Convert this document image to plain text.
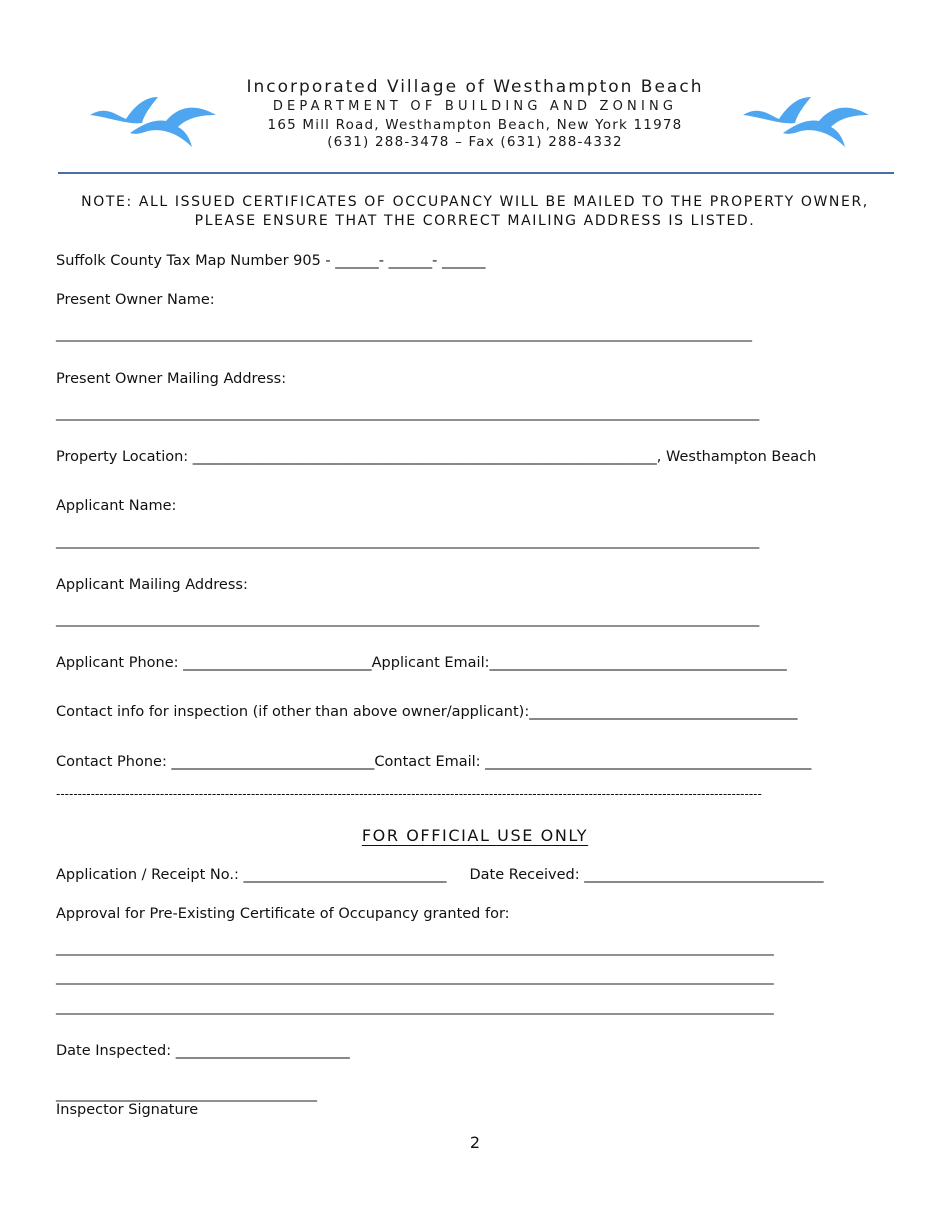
Incorporated Village of Westhampton Beach
DEPARTMENT OF BUILDING AND ZONING
165 Mill Road, Westhampton Beach, New York 11978
(631) 288-3478 – Fax (631) 288-4332
NOTE: ALL ISSUED CERTIFICATES OF OCCUPANCY WILL BE MAILED TO THE PROPERTY OWNER,
PLEASE ENSURE THAT THE CORRECT MAILING ADDRESS IS LISTED.
Suffolk County Tax Map Number 905 - ______- ______- ______
Present Owner Name:
________________________________________________________________________________________________
Present Owner Mailing Address:
_________________________________________________________________________________________________
Property Location: ________________________________________________________________, Westhampton Beach
Applicant Name:
_________________________________________________________________________________________________
Applicant Mailing Address:
_________________________________________________________________________________________________
Applicant Phone: __________________________Applicant Email:_________________________________________
Contact info for inspection (if other than above owner/applicant):_____________________________________
Contact Phone: ____________________________Contact Email: _____________________________________________
-------------------------------------------------------------------------------------------------------------------------------------------------------------------
FOR OFFICIAL USE ONLY
Application / Receipt No.: ____________________________     Date Received: _________________________________
Approval for Pre-Existing Certificate of Occupancy granted for:
___________________________________________________________________________________________________
___________________________________________________________________________________________________
___________________________________________________________________________________________________
Date Inspected: ________________________
____________________________________
Inspector Signature
2
